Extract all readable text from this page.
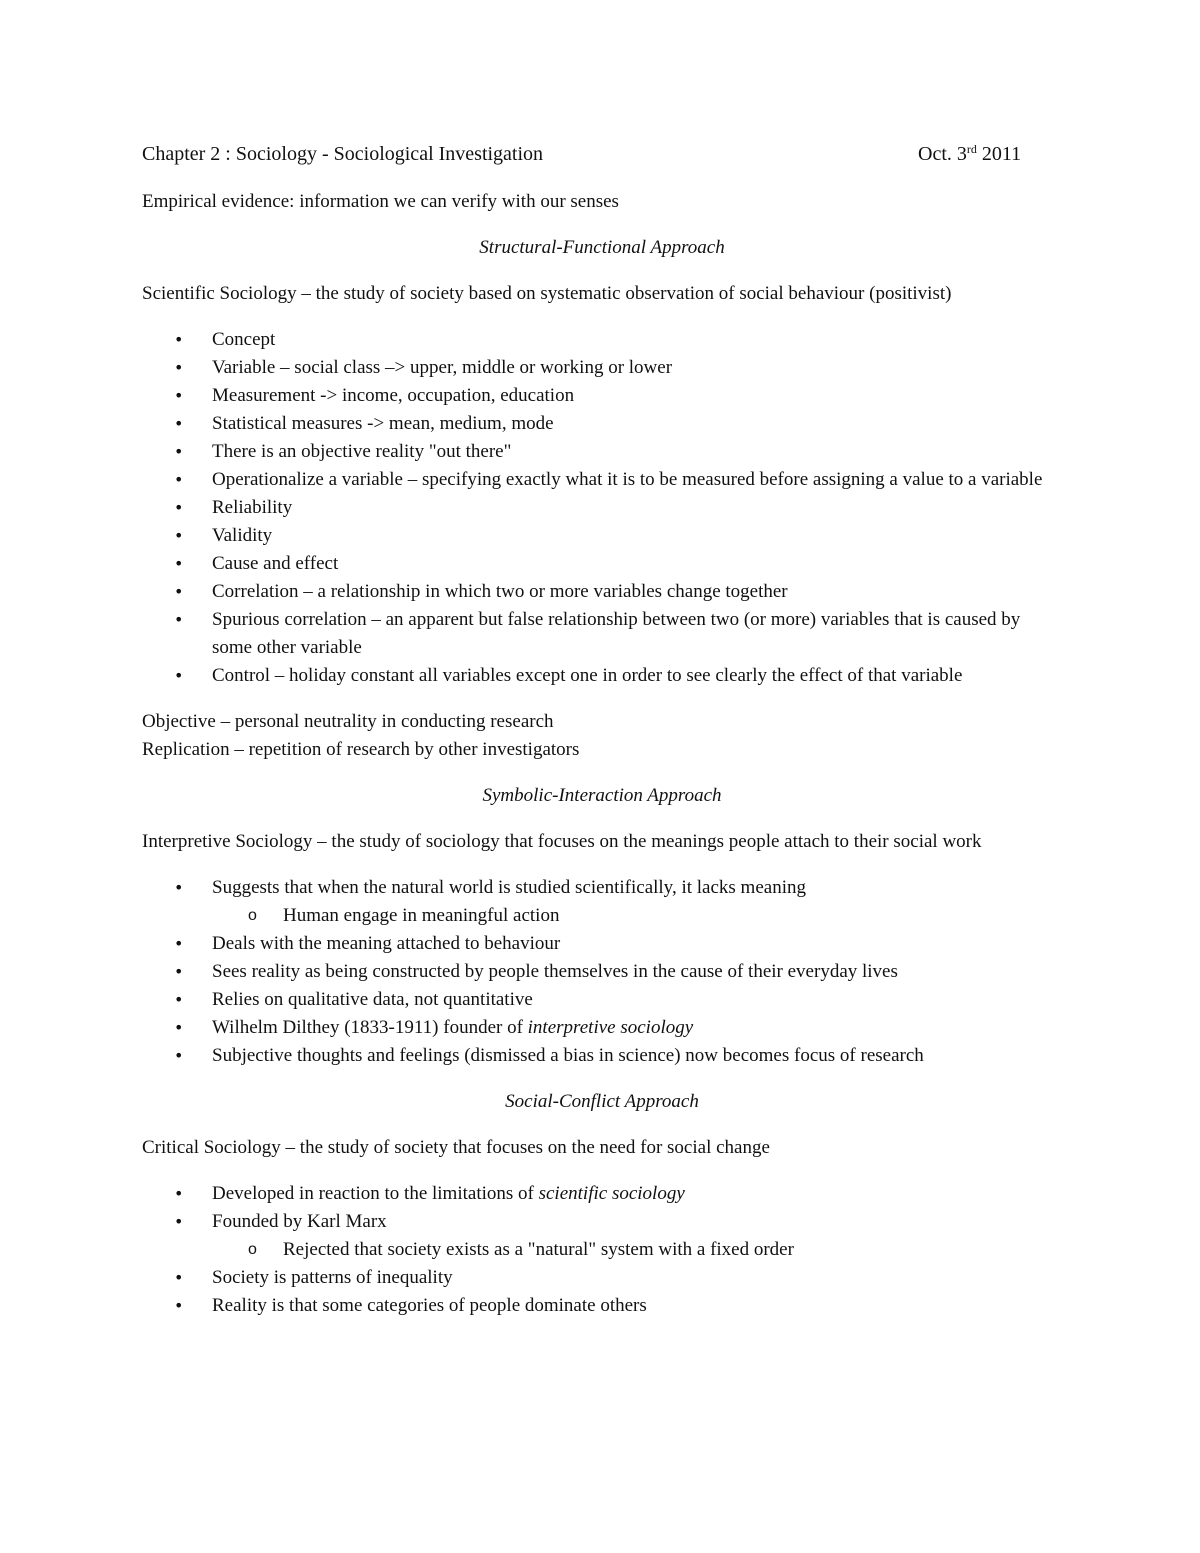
Chapter 2 : Sociology - Sociological Investigation	Oct. 3rd 2011

Empirical evidence: information we can verify with our senses

Structural-Functional Approach

Scientific Sociology – the study of society based on systematic observation of social behaviour (positivist)

• Concept
• Variable – social class –> upper, middle or working or lower
• Measurement -> income, occupation, education
• Statistical measures -> mean, medium, mode
• There is an objective reality "out there"
• Operationalize a variable – specifying exactly what it is to be measured before assigning a value to a variable
• Reliability
• Validity
• Cause and effect
• Correlation – a relationship in which two or more variables change together
• Spurious correlation – an apparent but false relationship between two (or more) variables that is caused by some other variable
• Control – holiday constant all variables except one in order to see clearly the effect of that variable

Objective – personal neutrality in conducting research

Replication – repetition of research by other investigators

Symbolic-Interaction Approach

Interpretive Sociology – the study of sociology that focuses on the meanings people attach to their social work

• Suggests that when the natural world is studied scientifically, it lacks meaning
o Human engage in meaningful action
• Deals with the meaning attached to behaviour
• Sees reality as being constructed by people themselves in the cause of their everyday lives
• Relies on qualitative data, not quantitative
• Wilhelm Dilthey (1833-1911) founder of interpretive sociology
• Subjective thoughts and feelings (dismissed a bias in science) now becomes focus of research

Social-Conflict Approach

Critical Sociology – the study of society that focuses on the need for social change

• Developed in reaction to the limitations of scientific sociology
• Founded by Karl Marx
o Rejected that society exists as a "natural" system with a fixed order
• Society is patterns of inequality
• Reality is that some categories of people dominate others
